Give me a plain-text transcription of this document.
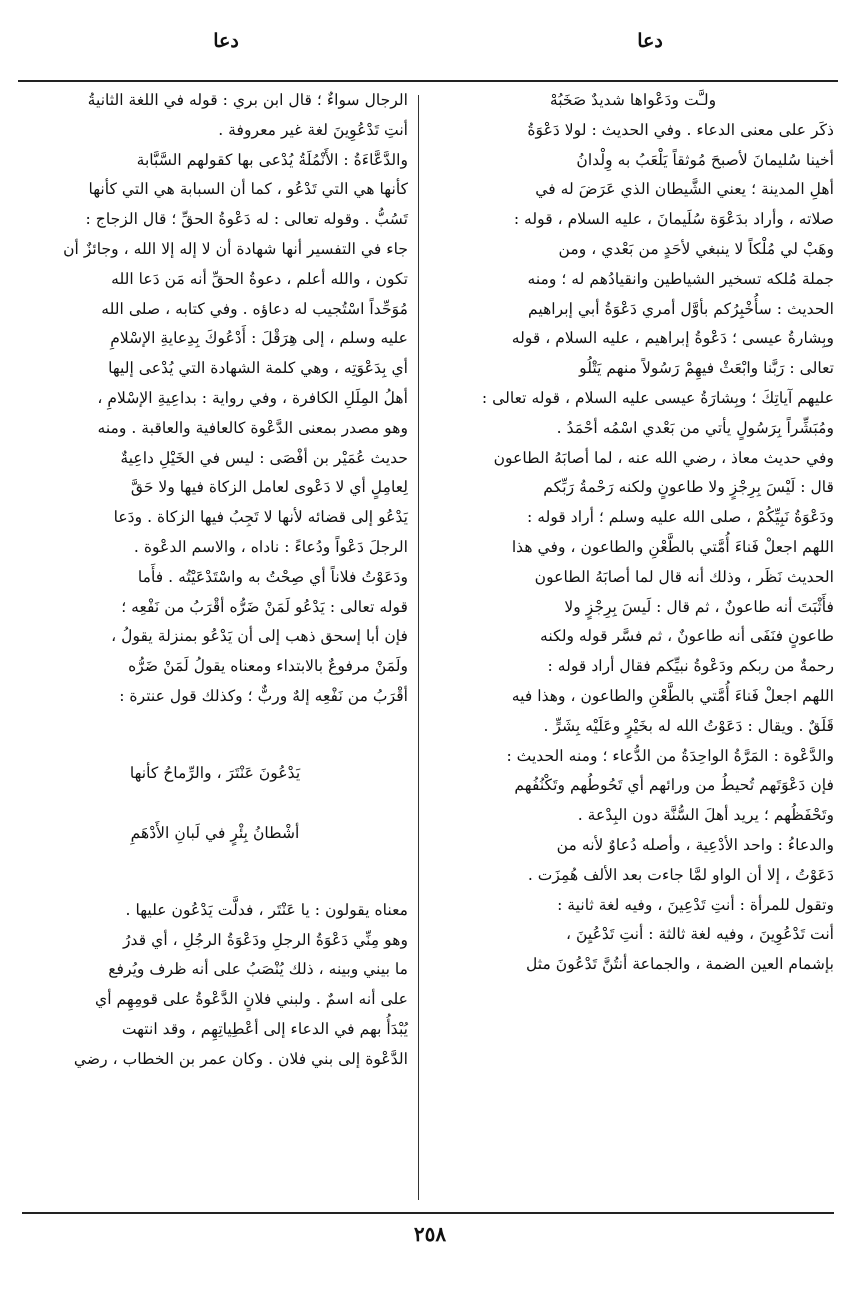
دعا
دعا

ولـَّت ودَعْواها شديدٌ صَخَبُهْ

ذكَر على معنى الدعاء . وفي الحديث : لولا دَعْوَةُ
أخينا سُليمانَ لأصبحَ مُوثقاً يَلْعَبُ به وِلْدانُ
أهلِ المدينة ؛ يعني الشَّيطان الذي عَرَضَ له في
صلاته ، وأراد بدَعْوَة سُلَيمانَ ، عليه السلام ، قوله :
وهَبْ لي مُلْكاً لا ينبغي لأحَدٍ من بَعْدي ، ومن
جملة مُلكه تسخير الشياطين وانقيادُهم له ؛ ومنه
الحديث : سأُخْبِرُكم بأوَّل أمري دَعْوَةُ أبي إبراهيم
وبِشارةُ عيسى ؛ دَعْوةُ إبراهيم ، عليه السلام ، قوله
تعالى : رَبَّنا وابْعَثْ فيهِمْ رَسُولاً منهم يَتْلُو
عليهم آياتِكَ ؛ وبِشارَةُ عيسى عليه السلام ، قوله تعالى :
ومُبَشِّراً بِرَسُولٍ يأتي من بَعْدي اسْمُه أحْمَدُ .
وفي حديث معاذ ، رضي الله عنه ، لما أصابَهُ الطاعون
قال : لَيْسَ بِرِجْزٍ ولا طاعونٍ ولكنه رَحْمةُ رَبِّكم
ودَعْوَةُ نَبِيِّكُمْ ، صلى الله عليه وسلم ؛ أراد قوله :
اللهم اجعلْ فَناءَ أُمَّتي بالطَّعْنِ والطاعون ، وفي هذا
الحديث نَظَر ، وذلك أنه قال لما أصابَهُ الطاعون
فأَثْبَتَ أنه طاعونٌ ، ثم قال : لَيسَ بِرِجْزٍ ولا
طاعونٍ فنَفَى أنه طاعونٌ ، ثم فسَّر قوله ولكنه
رحمةٌ من ربكم ودَعْوةُ نبيِّكم فقال أراد قوله :
اللهم اجعلْ فَناءَ أُمَّتي بالطَّعْنِ والطاعون ، وهذا فيه
قَلَقٌ . ويقال : دَعَوْتُ الله له بخَيْرٍ وعَلَيْه بِشَرٍّ .
والدَّعْوة : المَرَّةُ الواحِدَةُ من الدُّعاء ؛ ومنه الحديث :
فإن دَعْوَتَهم تُحيطُ من ورائهم أي تَحُوطُهم وتَكْنُفُهم
وتَحْفَظُهم ؛ يريد أهلَ السُّنَّة دون البِدْعة .
والدعاءُ : واحد الأدْعِية ، وأصله دُعاوٌ لأنه من
دَعَوْتُ ، إلا أن الواو لمَّا جاءت بعد الألف هُمِزَت .
وتقول للمرأة : أنتِ تَدْعِينَ ، وفيه لغة ثانية :
أنت تَدْعُوِينَ ، وفيه لغة ثالثة : أنتِ تَدْعُيِنَ ،
بإشمام العين الضمة ، والجماعة أنتُنَّ تَدْعُونَ مثل

الرجال سواءٌ ؛ قال ابن بري : قوله في اللغة الثانيةُ
أنتِ تَدْعُوِينَ لغة غير معروفة .
والدَّعَّاءَةُ : الأَنْمُلَةُ يُدْعى بها كقولهم السَّبَّابة
كأنها هي التي تَدْعُو ، كما أن السبابة هي التي كأنها
تَسُبُّ . وقوله تعالى : له دَعْوةُ الحقِّ ؛ قال الزجاج :
جاء في التفسير أنها شهادة أن لا إله إلا الله ، وجائزٌ أن
تكون ، والله أعلم ، دعوةُ الحقِّ أنه مَن دَعا الله
مُوَحِّداً اسْتُجيب له دعاؤه . وفي كتابه ، صلى الله
عليه وسلم ، إلى هِرَقْلَ : أَدْعُوكَ بِدِعايةِ الإسْلامِ
أي بِدَعْوَتِه ، وهي كلمة الشهادة التي يُدْعى إليها
أهلُ المِلَلِ الكافرة ، وفي رواية : بداعِيةِ الإسْلامِ ،
وهو مصدر بمعنى الدَّعْوة كالعافية والعاقبة . ومنه
حديث عُمَيْر بن أفْصَى : ليس في الخَيْلِ داعِيةٌ
لِعامِلٍ أي لا دَعْوى لعامل الزكاة فيها ولا حَقَّ
يَدْعُو إلى قضائه لأنها لا تَجِبُ فيها الزكاة . ودَعا
الرجلَ دَعْواً ودُعاءً : ناداه ، والاسم الدعْوة .
ودَعَوْتُ فلاناً أي صِحْتُ به واسْتَدْعَيْتُه . فأَما
قوله تعالى : يَدْعُو لَمَنْ ضَرُّه أقْرَبُ من نَفْعِه ؛
فإن أبا إسحق ذهب إلى أن يَدْعُو بمنزلة يقولُ ،
ولَمَنْ مرفوعٌ بالابتداء ومعناه يقولُ لَمَنْ ضَرُّه
أقْرَبُ من نَفْعِه إلهٌ وربٌّ ؛ وكذلك قول عنترة :

يَدْعُونَ عَنْتَرَ ، والرِّماحُ كأنها

أشْطانُ بِئْرٍ في لَبانِ الأَدْهَمِ

معناه يقولون : يا عَنْتَر ، فدلَّت يَدْعُون عليها .
وهو مِنِّي دَعْوَةُ الرجلِ ودَعْوَةُ الرجُلِ ، أي قدرُ
ما بيني وبينه ، ذلك يُنْصَبُ على أنه ظرف ويُرفع
على أنه اسمٌ . ولبني فلانٍ الدَّعْوةُ على قومِهِم أي
يُبْدَأُ بهم في الدعاء إلى أعْطِياتِهِم ، وقد انتهت
الدَّعْوة إلى بني فلان . وكان عمر بن الخطاب ، رضي

٢٥٨
